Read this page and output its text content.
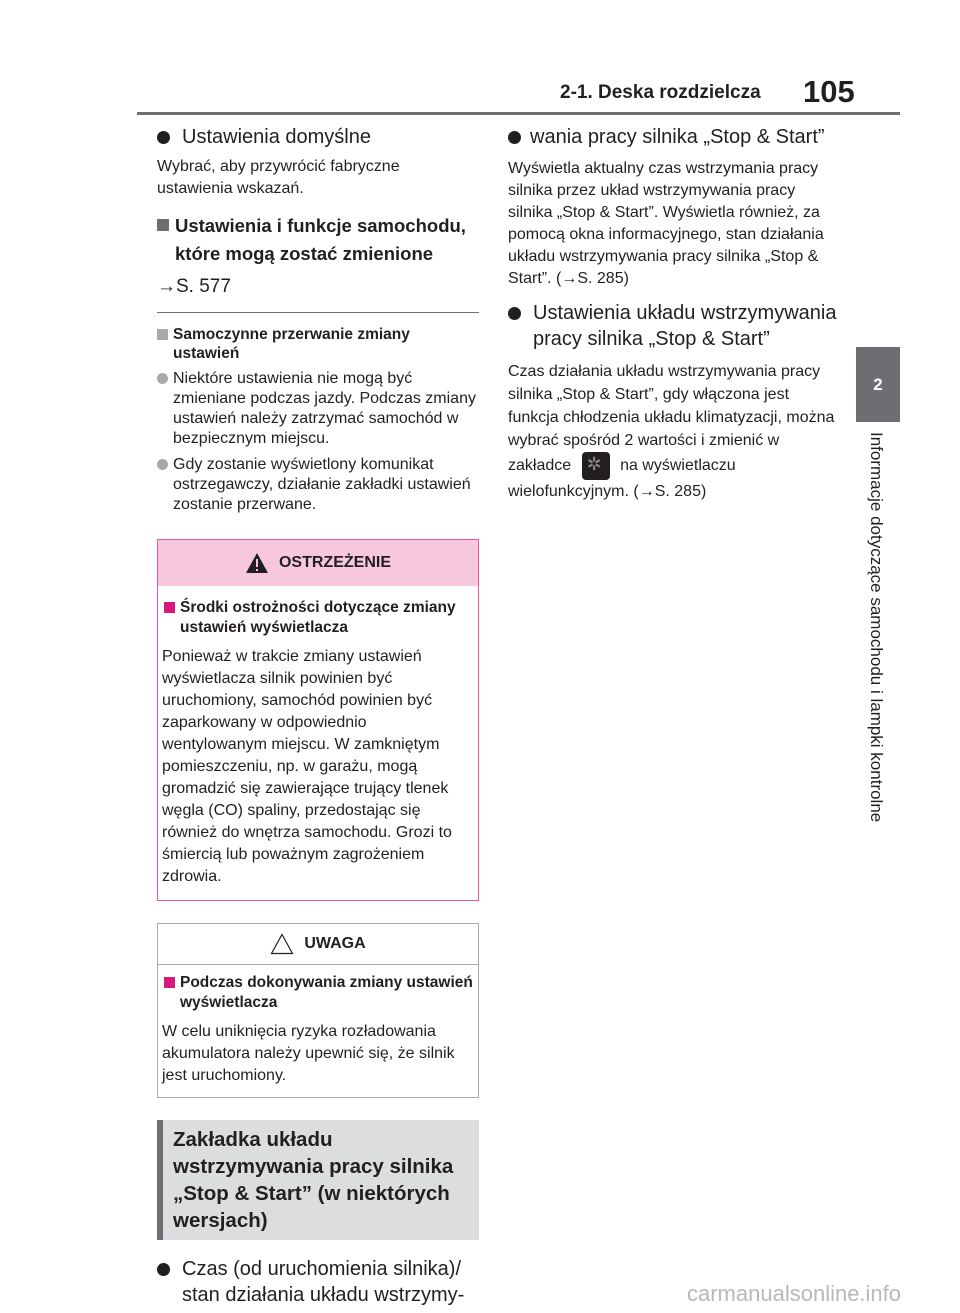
2-1. Deska rozdzielcza 105
2
Informacje dotyczące samochodu i lampki kontrolne

Ustawienia domyślne

Wybrać, aby przywrócić fabryczne ustawienia wskazań.

Ustawienia i funkcje samochodu, które mogą zostać zmienione

→S. 577

Samoczynne przerwanie zmiany ustawień

Niektóre ustawienia nie mogą być zmieniane podczas jazdy. Podczas zmiany ustawień należy zatrzymać samochód w bezpiecznym miejscu.

Gdy zostanie wyświetlony komunikat ostrzegawczy, działanie zakładki ustawień zostanie przerwane.

OSTRZEŻENIE

Środki ostrożności dotyczące zmiany ustawień wyświetlacza

Ponieważ w trakcie zmiany ustawień wyświetlacza silnik powinien być uruchomiony, samochód powinien być zaparkowany w odpowiednio wentylowanym miejscu. W zamkniętym pomieszczeniu, np. w garażu, mogą gromadzić się zawierające trujący tlenek węgla (CO) spaliny, przedostając się również do wnętrza samochodu. Grozi to śmiercią lub poważnym zagrożeniem zdrowia.

UWAGA

Podczas dokonywania zmiany ustawień wyświetlacza

W celu uniknięcia ryzyka rozładowania akumulatora należy upewnić się, że silnik jest uruchomiony.

Zakładka układu wstrzymywania pracy silnika „Stop & Start” (w niektórych wersjach)

Czas (od uruchomienia silnika)/ stan działania układu wstrzymy-

wania pracy silnika „Stop & Start”

Wyświetla aktualny czas wstrzymania pracy silnika przez układ wstrzymywania pracy silnika „Stop & Start”. Wyświetla również, za pomocą okna informacyjnego, stan działania układu wstrzymywania pracy silnika „Stop & Start”. (→S. 285)

Ustawienia układu wstrzymywania pracy silnika „Stop & Start”

Czas działania układu wstrzymywania pracy silnika „Stop & Start”, gdy włączona jest funkcja chłodzenia układu klimatyzacji, można wybrać spośród 2 wartości i zmienić w zakładce ✲	na wyświetlaczu wielofunkcyjnym. (→S. 285)

carmanualsonline.info
